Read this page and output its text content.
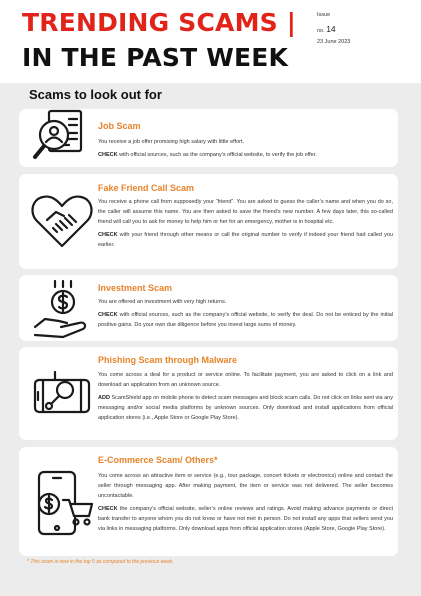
TRENDING SCAMS |
IN THE PAST WEEK
Issue
no. 14
23 June 2023
Scams to look out for
Job Scam

You receive a job offer promising high salary with little effort.

CHECK with official sources, such as the company’s official website, to verify the job offer.

Fake Friend Call Scam

You receive a phone call from supposedly your “friend”. You are asked to guess the caller’s name and when you do so, the caller will assume this name. You are then asked to save the friend’s new number. A few days later, this so-called friend will call you to ask for money to help him or her for an emergency, mother is in hospital etc.

CHECK with your friend through other means or call the original number to verify if indeed your friend had called you earlier.

Investment Scam

You are offered an investment with very high returns.

CHECK with official sources, such as the company’s official website, to verify the deal. Do not be enticed by the initial positive gains. Do your own due diligence before you invest large sums of money.

Phishing Scam through Malware

You come across a deal for a product or service online. To facilitate payment, you are asked to click on a link and download an application from an unknown source.

ADD ScamShield app on mobile phone to detect scam messages and block scam calls. Do not click on links sent via any messaging and/or social media platforms by unknown sources. Only download and install applications from official application stores (i.e., Apple Store or Google Play Store).

E-Commerce Scam/ Others*

You come across an attractive item or service (e.g., tour package, concert tickets or electronics) online and contact the seller through messaging app. After making payment, the item or service was not delivered. The seller becomes uncontactable.

CHECK the company’s official website, seller’s online reviews and ratings. Avoid making advance payments or direct bank transfer to anyone whom you do not know or have not met in person. Do not install any apps that sellers send you via links in messaging platforms. Only download apps from official application stores (Apple Store, Google Play Store).

* This scam is new in the top 5 as compared to the previous week.
